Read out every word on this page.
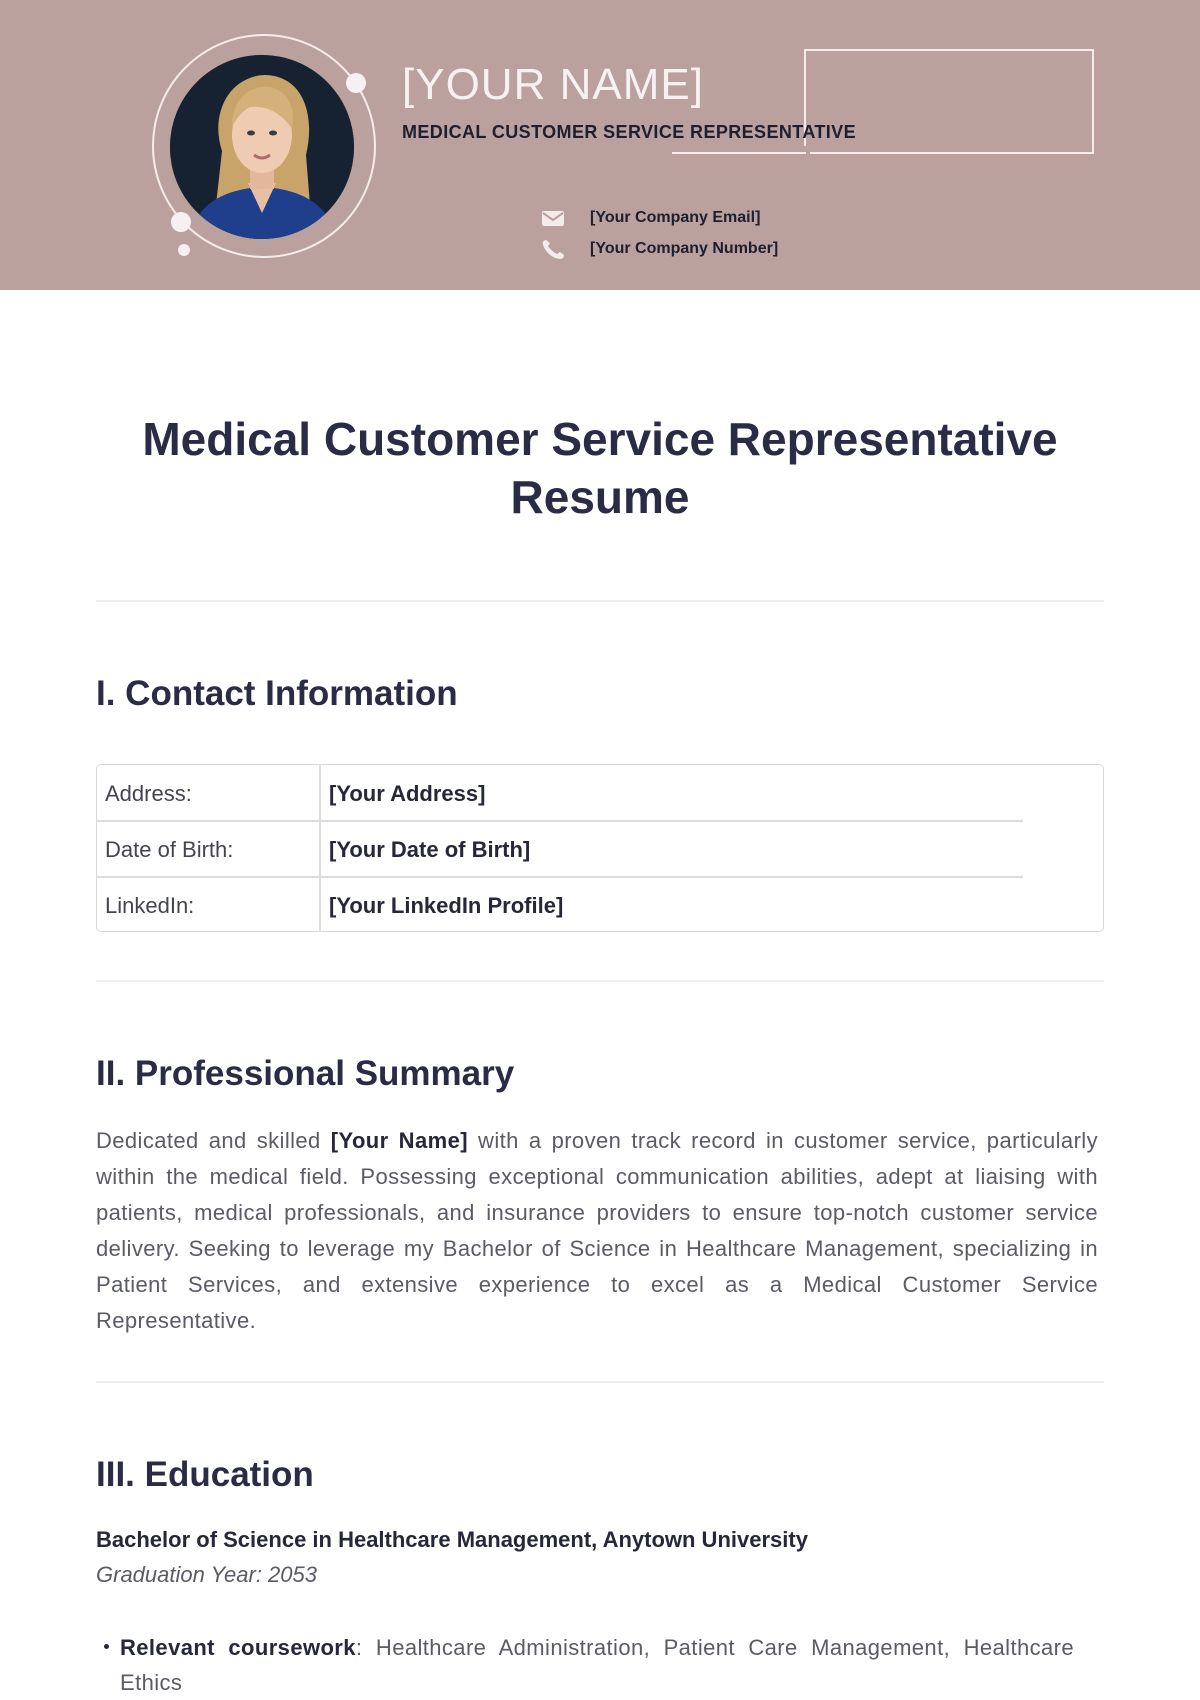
[YOUR NAME]
MEDICAL CUSTOMER SERVICE REPRESENTATIVE
[Your Company Email]
[Your Company Number]
Medical Customer Service Representative
Resume
I. Contact Information
Address:	[Your Address]
Date of Birth:	[Your Date of Birth]
LinkedIn:	[Your LinkedIn Profile]
II. Professional Summary

Dedicated and skilled [Your Name] with a proven track record in customer service, particularly within the medical field. Possessing exceptional communication abilities, adept at liaising with patients, medical professionals, and insurance providers to ensure top-notch customer service delivery. Seeking to leverage my Bachelor of Science in Healthcare Management, specializing in Patient Services, and extensive experience to excel as a Medical Customer Service Representative.

III. Education
Bachelor of Science in Healthcare Management, Anytown University
Graduation Year: 2053

Relevant coursework: Healthcare Administration, Patient Care Management, Healthcare Ethics
